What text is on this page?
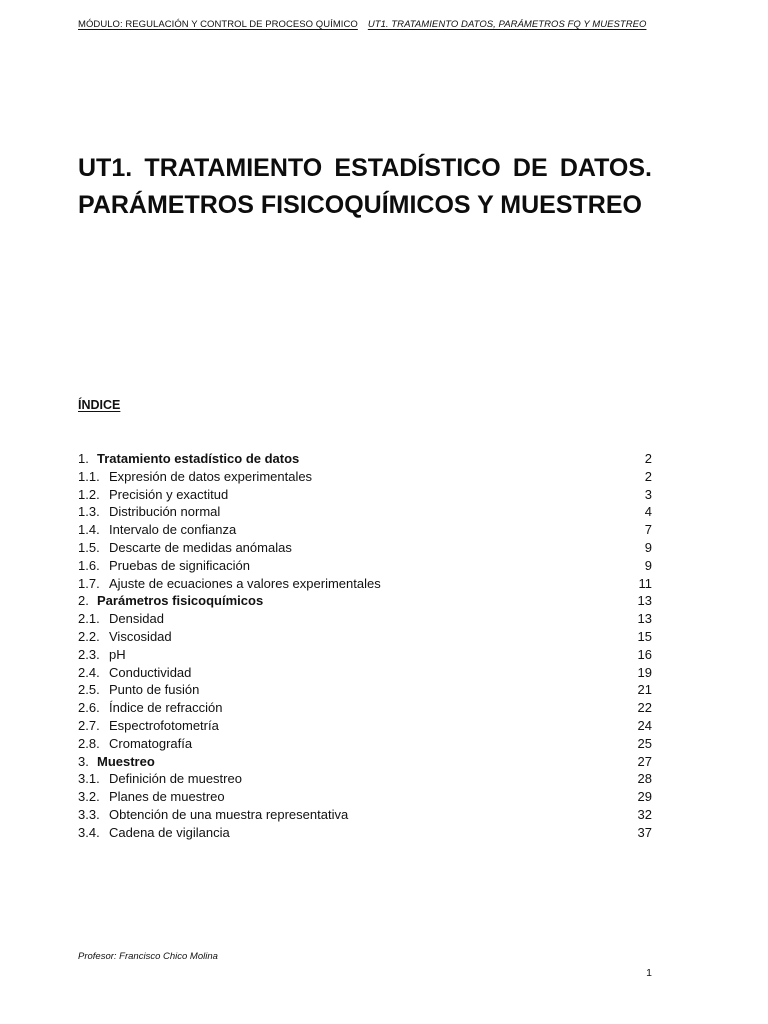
MÓDULO: REGULACIÓN Y CONTROL DE PROCESO QUÍMICO UT1. TRATAMIENTO DATOS, PARÁMETROS FQ Y MUESTREO
UT1. TRATAMIENTO ESTADÍSTICO DE DATOS.
PARÁMETROS FISICOQUÍMICOS Y MUESTREO
ÍNDICE
1. Tratamiento estadístico de datos	2
1.1. Expresión de datos experimentales	2
1.2. Precisión y exactitud	3
1.3. Distribución normal	4
1.4. Intervalo de confianza	7
1.5. Descarte de medidas anómalas	9
1.6. Pruebas de significación	9
1.7. Ajuste de ecuaciones a valores experimentales	11
2. Parámetros fisicoquímicos	13
2.1. Densidad	13
2.2. Viscosidad	15
2.3. pH	16
2.4. Conductividad	19
2.5. Punto de fusión	21
2.6. Índice de refracción	22
2.7. Espectrofotometría	24
2.8. Cromatografía	25
3. Muestreo	27
3.1. Definición de muestreo	28
3.2. Planes de muestreo	29
3.3. Obtención de una muestra representativa	32
3.4. Cadena de vigilancia	37
Profesor: Francisco Chico Molina
1
